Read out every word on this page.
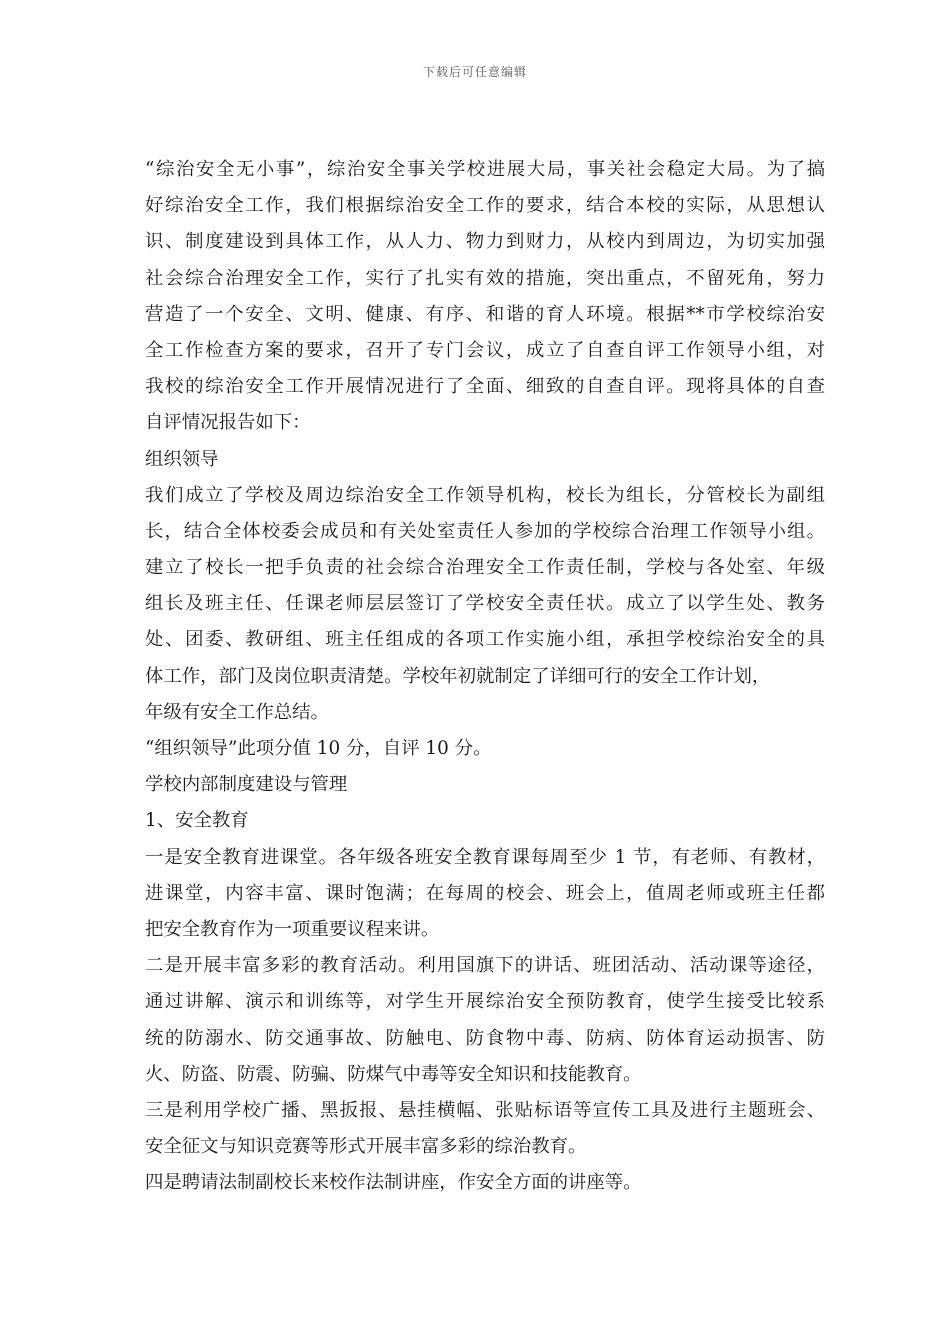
下载后可任意编辑
“综治安全无小事”，综治安全事关学校进展大局，事关社会稳定大局。为了搞
好综治安全工作，我们根据综治安全工作的要求，结合本校的实际，从思想认
识、制度建设到具体工作，从人力、物力到财力，从校内到周边，为切实加强
社会综合治理安全工作，实行了扎实有效的措施，突出重点，不留死角，努力
营造了一个安全、文明、健康、有序、和谐的育人环境。根据**市学校综治安
全工作检查方案的要求，召开了专门会议，成立了自查自评工作领导小组，对
我校的综治安全工作开展情况进行了全面、细致的自查自评。现将具体的自查
自评情况报告如下：
组织领导
我们成立了学校及周边综治安全工作领导机构，校长为组长，分管校长为副组
长，结合全体校委会成员和有关处室责任人参加的学校综合治理工作领导小组。
建立了校长一把手负责的社会综合治理安全工作责任制，学校与各处室、年级
组长及班主任、任课老师层层签订了学校安全责任状。成立了以学生处、教务
处、团委、教研组、班主任组成的各项工作实施小组，承担学校综治安全的具
体工作，部门及岗位职责清楚。学校年初就制定了详细可行的安全工作计划，
年级有安全工作总结。
“组织领导”此项分值 10 分，自评 10 分。
学校内部制度建设与管理
1、安全教育
一是安全教育进课堂。各年级各班安全教育课每周至少 1 节，有老师、有教材，
进课堂，内容丰富、课时饱满；在每周的校会、班会上，值周老师或班主任都
把安全教育作为一项重要议程来讲。
二是开展丰富多彩的教育活动。利用国旗下的讲话、班团活动、活动课等途径，
通过讲解、演示和训练等，对学生开展综治安全预防教育，使学生接受比较系
统的防溺水、防交通事故、防触电、防食物中毒、防病、防体育运动损害、防
火、防盗、防震、防骗、防煤气中毒等安全知识和技能教育。
三是利用学校广播、黑扳报、悬挂横幅、张贴标语等宣传工具及进行主题班会、
安全征文与知识竞赛等形式开展丰富多彩的综治教育。
四是聘请法制副校长来校作法制讲座，作安全方面的讲座等。
